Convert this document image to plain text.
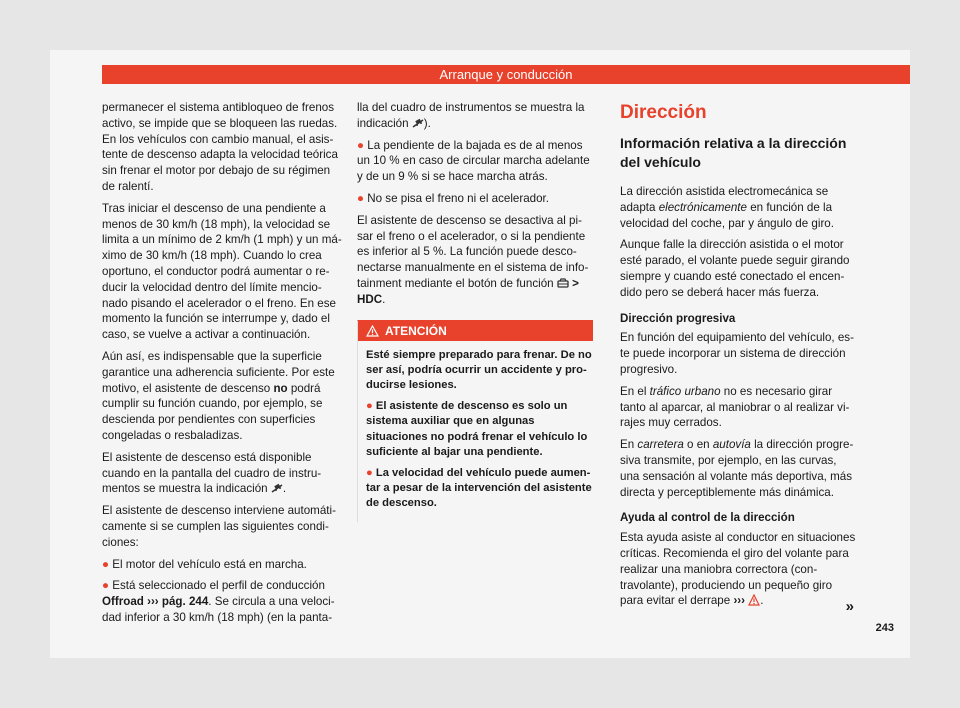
Arranque y conducción

permanecer el sistema antibloqueo de frenos activo, se impide que se bloqueen las ruedas. En los vehículos con cambio manual, el asistente de descenso adapta la velocidad teórica sin frenar el motor por debajo de su régimen de ralentí.

Tras iniciar el descenso de una pendiente a menos de 30 km/h (18 mph), la velocidad se limita a un mínimo de 2 km/h (1 mph) y un máximo de 30 km/h (18 mph). Cuando lo crea oportuno, el conductor podrá aumentar o reducir la velocidad dentro del límite mencionado pisando el acelerador o el freno. En ese momento la función se interrumpe y, dado el caso, se vuelve a activar a continuación.

Aún así, es indispensable que la superficie garantice una adherencia suficiente. Por este motivo, el asistente de descenso no podrá cumplir su función cuando, por ejemplo, se descienda por pendientes con superficies congeladas o resbaladizas.

El asistente de descenso está disponible cuando en la pantalla del cuadro de instrumentos se muestra la indicación .

El asistente de descenso interviene automáticamente si se cumplen las siguientes condiciones:

● El motor del vehículo está en marcha.

● Está seleccionado el perfil de conducción Offroad ››› pág. 244. Se circula a una velocidad inferior a 30 km/h (18 mph) (en la panta-

lla del cuadro de instrumentos se muestra la indicación ).

● La pendiente de la bajada es de al menos un 10 % en caso de circular marcha adelante y de un 9 % si se hace marcha atrás.

● No se pisa el freno ni el acelerador.

El asistente de descenso se desactiva al pisar el freno o el acelerador, o si la pendiente es inferior al 5 %. La función puede desconectarse manualmente en el sistema de infotainment mediante el botón de función > HDC.

ATENCIÓN

Esté siempre preparado para frenar. De no ser así, podría ocurrir un accidente y producirse lesiones.

● El asistente de descenso es solo un sistema auxiliar que en algunas situaciones no podrá frenar el vehículo lo suficiente al bajar una pendiente.

● La velocidad del vehículo puede aumentar a pesar de la intervención del asistente de descenso.

Dirección
Información relativa a la dirección del vehículo

La dirección asistida electromecánica se adapta electrónicamente en función de la velocidad del coche, par y ángulo de giro.

Aunque falle la dirección asistida o el motor esté parado, el volante puede seguir girando siempre y cuando esté conectado el encendido pero se deberá hacer más fuerza.

Dirección progresiva

En función del equipamiento del vehículo, este puede incorporar un sistema de dirección progresivo.

En el tráfico urbano no es necesario girar tanto al aparcar, al maniobrar o al realizar virajes muy cerrados.

En carretera o en autovía la dirección progresiva transmite, por ejemplo, en las curvas, una sensación al volante más deportiva, más directa y perceptiblemente más dinámica.

Ayuda al control de la dirección

Esta ayuda asiste al conductor en situaciones críticas. Recomienda el giro del volante para realizar una maniobra correctora (contravolante), produciendo un pequeño giro para evitar el derrape ››› .	»
243
